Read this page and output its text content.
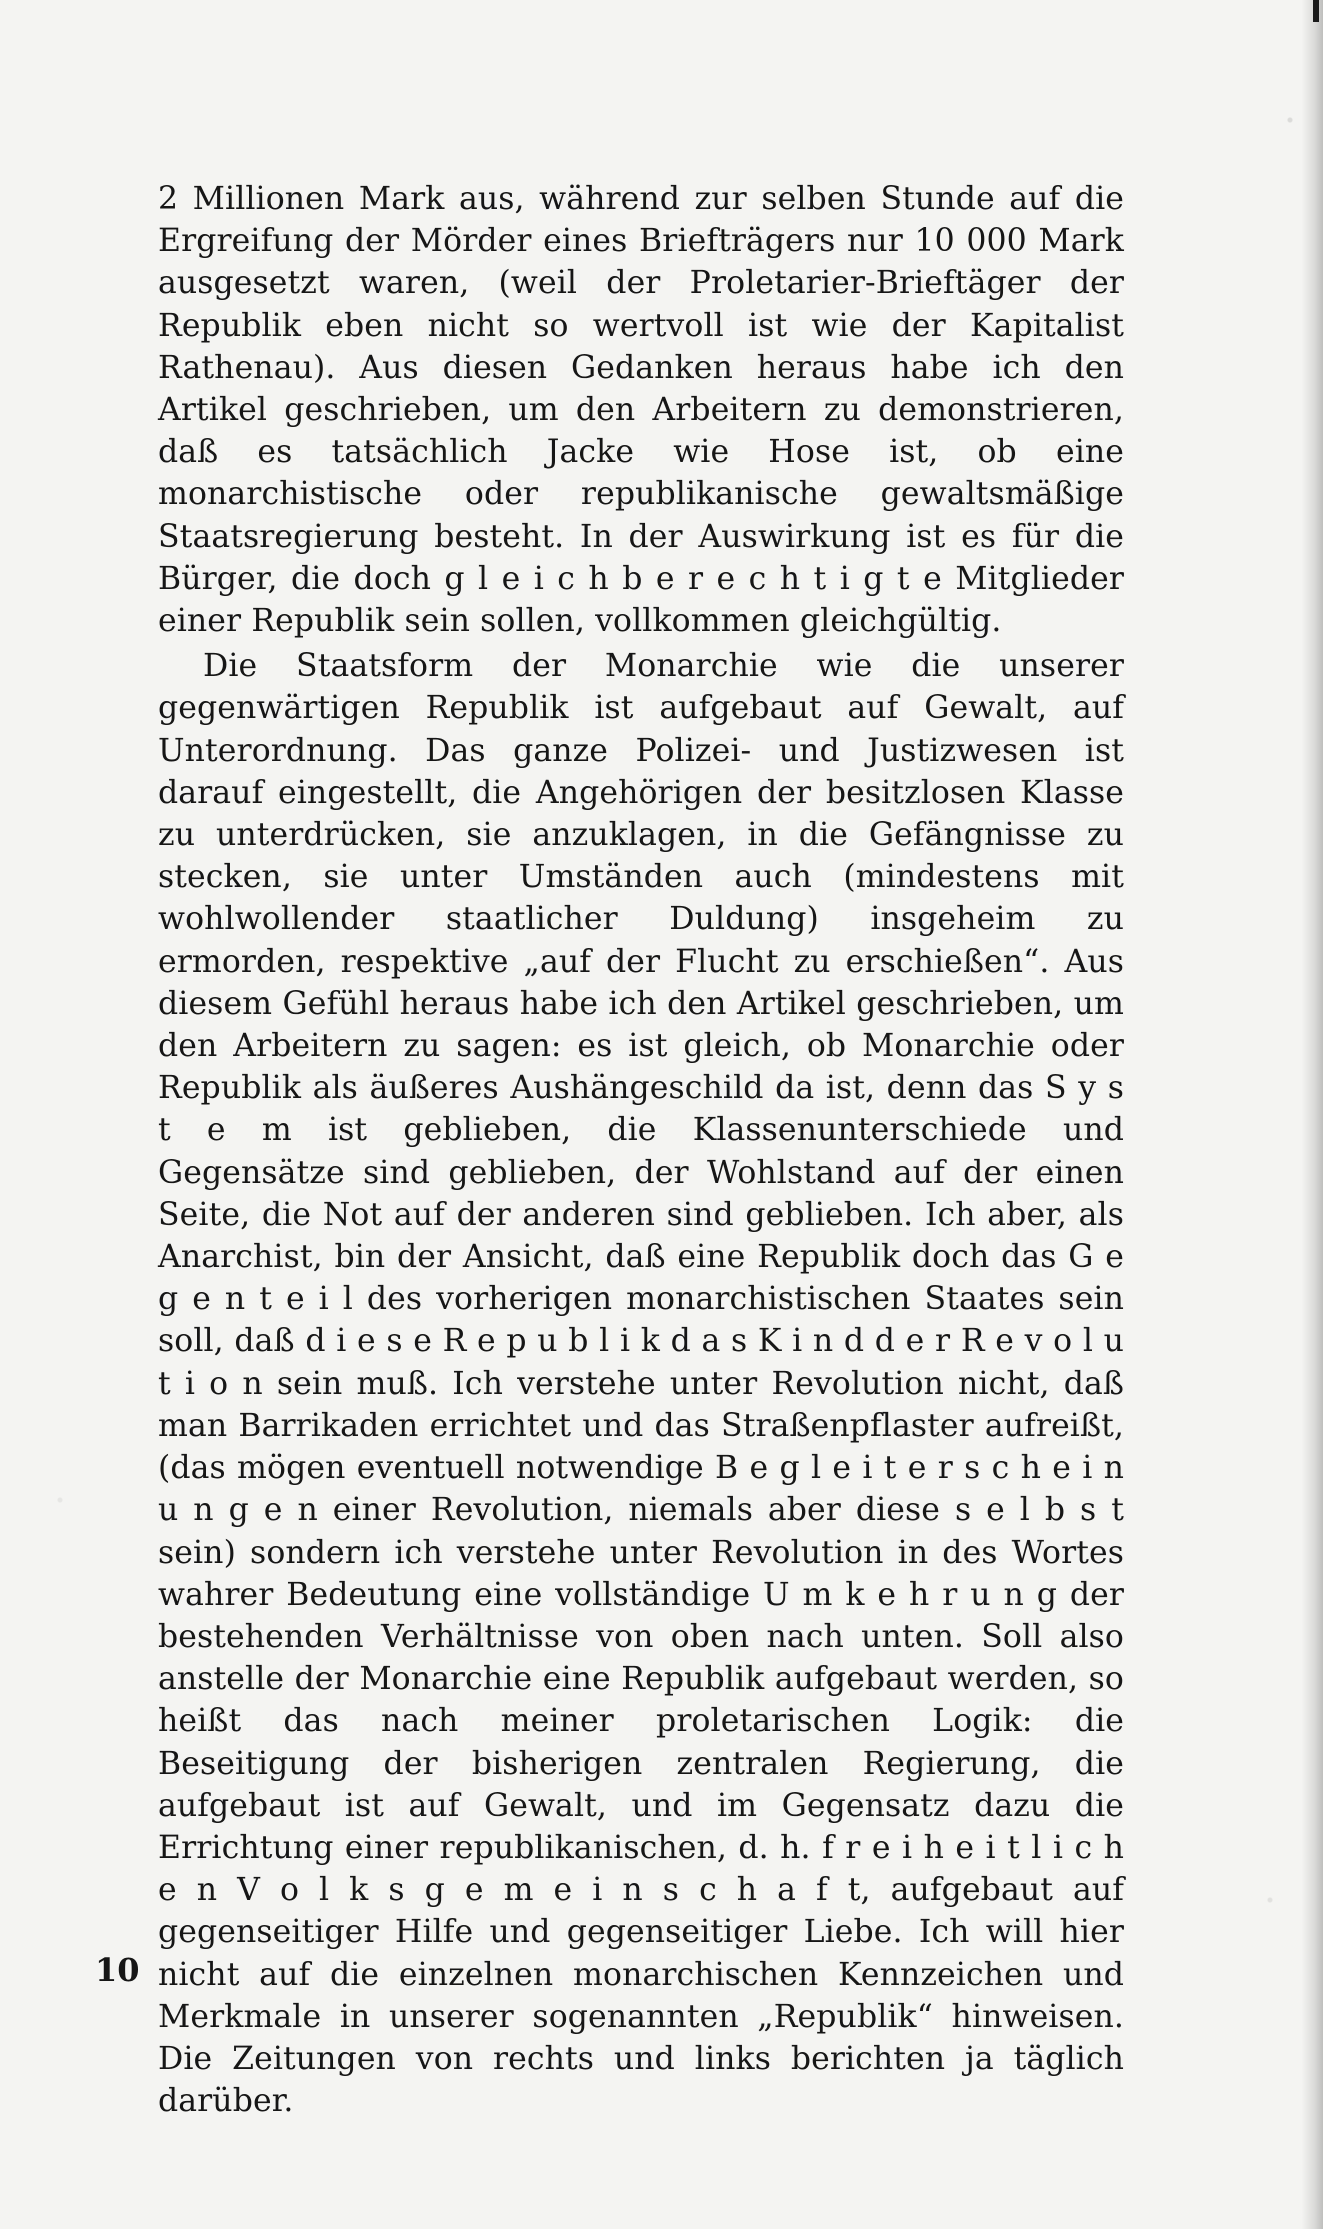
2 Millionen Mark aus, während zur selben Stunde auf die Ergreifung der Mörder eines Briefträgers nur 10 000 Mark ausgesetzt waren, (weil der Proletarier-Brieftäger der Republik eben nicht so wertvoll ist wie der Kapitalist Rathenau). Aus diesen Gedanken heraus habe ich den Artikel geschrieben, um den Arbeitern zu demonstrieren, daß es tatsächlich Jacke wie Hose ist, ob eine monarchistische oder republikanische gewaltsmäßige Staatsregierung besteht. In der Auswirkung ist es für die Bürger, die doch g l e i c h b e r e c h t i g t e Mitglieder einer Republik sein sollen, vollkommen gleichgültig.

Die Staatsform der Monarchie wie die unserer gegenwärtigen Republik ist aufgebaut auf Gewalt, auf Unterordnung. Das ganze Polizei- und Justizwesen ist darauf eingestellt, die Angehörigen der besitzlosen Klasse zu unterdrücken, sie anzuklagen, in die Gefängnisse zu stecken, sie unter Umständen auch (mindestens mit wohlwollender staatlicher Duldung) insgeheim zu ermorden, respektive „auf der Flucht zu erschießen“. Aus diesem Gefühl heraus habe ich den Artikel geschrieben, um den Arbeitern zu sagen: es ist gleich, ob Monarchie oder Republik als äußeres Aushängeschild da ist, denn das S y s t e m ist geblieben, die Klassenunterschiede und Gegensätze sind geblieben, der Wohlstand auf der einen Seite, die Not auf der anderen sind geblieben. Ich aber, als Anarchist, bin der Ansicht, daß eine Republik doch das G e g e n t e i l des vorherigen monarchistischen Staates sein soll, daß d i e s e R e p u b l i k d a s K i n d d e r R e v o l u t i o n sein muß. Ich verstehe unter Revolution nicht, daß man Barrikaden errichtet und das Straßenpflaster aufreißt, (das mögen eventuell notwendige B e g l e i t e r s c h e i n u n g e n einer Revolution, niemals aber diese s e l b s t sein) sondern ich verstehe unter Revolution in des Wortes wahrer Bedeutung eine vollständige U m k e h r u n g der bestehenden Verhältnisse von oben nach unten. Soll also anstelle der Monarchie eine Republik aufgebaut werden, so heißt das nach meiner proletarischen Logik: die Beseitigung der bisherigen zentralen Regierung, die aufgebaut ist auf Gewalt, und im Gegensatz dazu die Errichtung einer republikanischen, d. h. f r e i h e i t l i c h e n V o l k s g e m e i n s c h a f t, aufgebaut auf gegenseitiger Hilfe und gegenseitiger Liebe. Ich will hier nicht auf die einzelnen monarchischen Kennzeichen und Merkmale in unserer sogenannten „Republik“ hinweisen. Die Zeitungen von rechts und links berichten ja täglich darüber.

10
